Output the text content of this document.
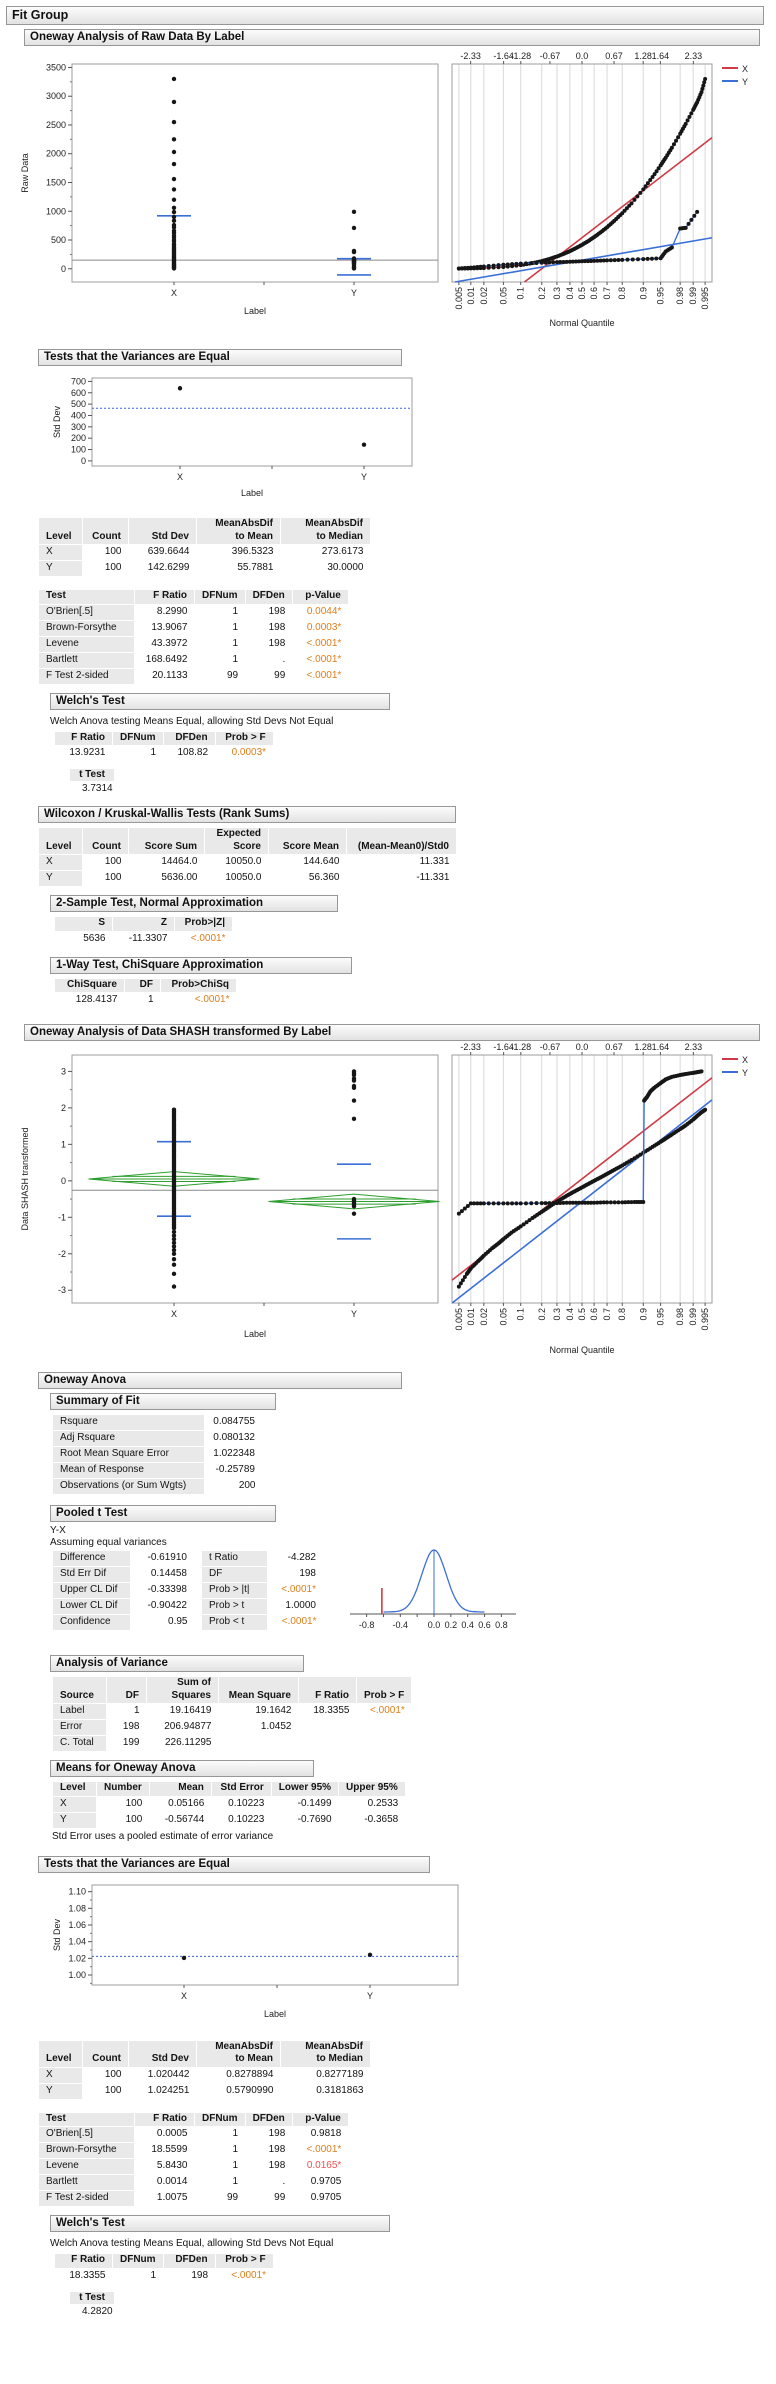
Fit Group
Oneway Analysis of Raw Data By Label
0
500
1000
1500
2000
2500
3000
3500
X	Y
Label
Raw Data
-2.33 -1.64
-1.28 -0.67 0.0 0.67 1.28 1.64 2.33
0.005 0.01 0.02 0.05 0.1 0.2 0.3 0.4 0.5 0.6 0.7 0.8 0.9 0.95 0.98 0.99 0.995
X
Y
Normal Quantile
Tests that the Variances are Equal
0
100
200
300
400
500
600
700
X	Y
Label
Std Dev
Level	Count	Std Dev	MeanAbsDif
to Mean	MeanAbsDif
to Median
X	100	639.6644	396.5323	273.6173
Y	100	142.6299	55.7881	30.0000
Test	F Ratio	DFNum	DFDen	p-Value
O'Brien[.5]	8.2990	1	198	0.0044*
Brown-Forsythe	13.9067	1	198	0.0003*
Levene	43.3972	1	198	<.0001*
Bartlett	168.6492	1	.	<.0001*
F Test 2-sided	20.1133	99	99	<.0001*
Welch's Test
Welch Anova testing Means Equal, allowing Std Devs Not Equal
F Ratio	DFNum	DFDen	Prob > F
13.9231	1	108.82	0.0003*
t Test
3.7314
Wilcoxon / Kruskal-Wallis Tests (Rank Sums)
Level	Count	Score Sum	Expected
Score	Score Mean	(Mean-Mean0)/Std0
X	100	14464.0	10050.0	144.640	11.331
Y	100	5636.00	10050.0	56.360	-11.331
2-Sample Test, Normal Approximation
S	Z	Prob>|Z|
5636	-11.3307	<.0001*
1-Way Test, ChiSquare Approximation
ChiSquare	DF	Prob>ChiSq
128.4137	1	<.0001*
Oneway Analysis of Data SHASH transformed By Label
-3
-2
-1
0
1
2
3
X	Y
Label
Data SHASH transformed
-2.33 -1.64
-1.28 -0.67 0.0 0.67 1.28 1.64 2.33
0.005 0.01 0.02 0.05 0.1 0.2 0.3 0.4 0.5 0.6 0.7 0.8 0.9 0.95 0.98 0.99 0.995
X
Y
Normal Quantile
Oneway Anova
Summary of Fit
Rsquare	0.084755
Adj Rsquare	0.080132
Root Mean Square Error	1.022348
Mean of Response	-0.25789
Observations (or Sum Wgts)	200
Pooled t Test
Y-X
Assuming equal variances
Difference	-0.61910
Std Err Dif	0.14458
Upper CL Dif	-0.33398
Lower CL Dif	-0.90422
Confidence	0.95
t Ratio	-4.282
DF	198
Prob > |t|	<.0001*
Prob > t	1.0000
Prob < t	<.0001*	-0.8 -0.4 0.0 0.2 0.4 0.6 0.8
Analysis of Variance
Source	DF	Sum of
Squares	Mean Square	F Ratio	Prob > F
Label	1	19.16419	19.1642	18.3355	<.0001*
Error	198	206.94877	1.0452		
C. Total	199	226.11295			
Means for Oneway Anova
Level	Number	Mean	Std Error	Lower 95%	Upper 95%
X	100	0.05166	0.10223	-0.1499	0.2533
Y	100	-0.56744	0.10223	-0.7690	-0.3658
Std Error uses a pooled estimate of error variance
Tests that the Variances are Equal
1.00
1.02
1.04
1.06
1.08
1.10
X	Y
Label
Std Dev
Level	Count	Std Dev	MeanAbsDif
to Mean	MeanAbsDif
to Median
X	100	1.020442	0.8278894	0.8277189
Y	100	1.024251	0.5790990	0.3181863
Test	F Ratio	DFNum	DFDen	p-Value
O'Brien[.5]	0.0005	1	198	0.9818
Brown-Forsythe	18.5599	1	198	<.0001*
Levene	5.8430	1	198	0.0165*
Bartlett	0.0014	1	.	0.9705
F Test 2-sided	1.0075	99	99	0.9705
Welch's Test
Welch Anova testing Means Equal, allowing Std Devs Not Equal
F Ratio	DFNum	DFDen	Prob > F
18.3355	1	198	<.0001*
t Test
4.2820
